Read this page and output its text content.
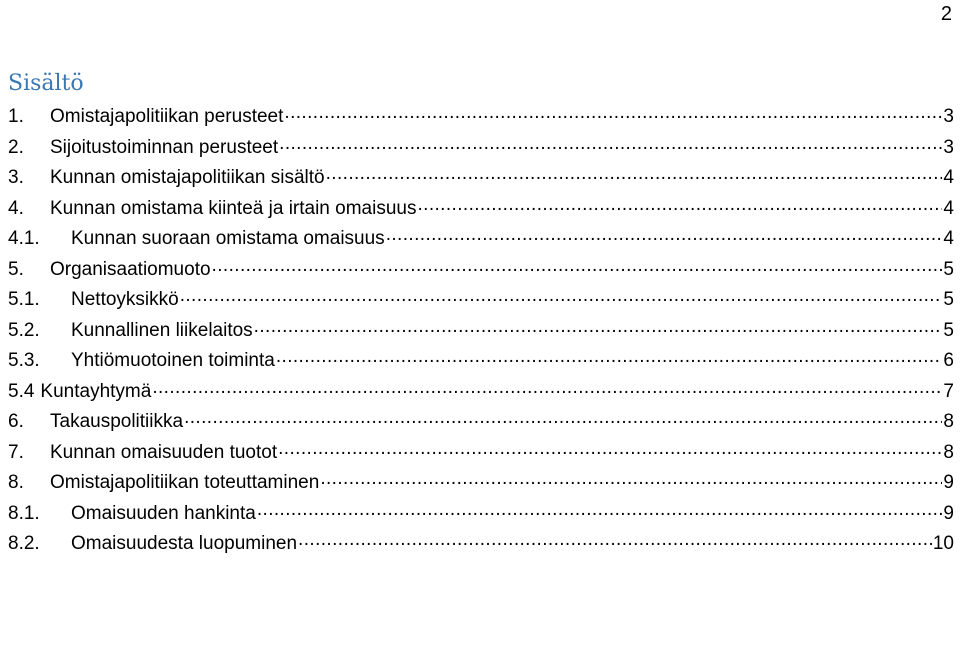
2
Sisältö
1.	Omistajapolitiikan perusteet .....	3
2.	Sijoitustoiminnan perusteet .....	3
3.	Kunnan omistajapolitiikan sisältö .....	4
4.	Kunnan omistama kiinteä ja irtain omaisuus .....	4
4.1.	Kunnan suoraan omistama omaisuus .....	4
5.	Organisaatiomuoto .....	5
5.1.	Nettoyksikkö .....	5
5.2.	Kunnallinen liikelaitos .....	5
5.3.	Yhtiömuotoinen toiminta .....	6
5.4 Kuntayhtymä .....	7
6.	Takauspolitiikka .....	8
7.	Kunnan omaisuuden tuotot .....	8
8.	Omistajapolitiikan toteuttaminen .....	9
8.1.	Omaisuuden hankinta .....	9
8.2.	Omaisuudesta luopuminen .....	10
